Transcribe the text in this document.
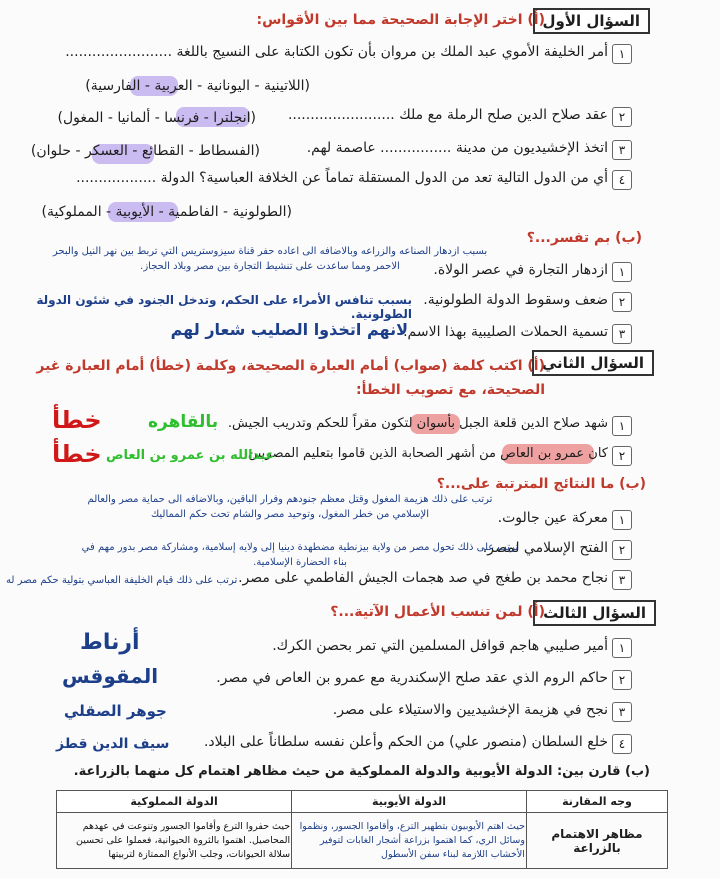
السؤال الأول
(أ) اختر الإجابة الصحيحة مما بين الأقواس:
١
أمر الخليفة الأموي عبد الملك بن مروان بأن تكون الكتابة على النسيج باللغة ........................
(اللاتينية - اليونانية - العربية - الفارسية)
٢
عقد صلاح الدين صلح الرملة مع ملك ........................
(انجلترا - فرنسا - ألمانيا - المغول)
٣
اتخذ الإخشيديون من مدينة ................ عاصمة لهم.
(الفسطاط - القطائع - العسكر - حلوان)
٤
أي من الدول التالية تعد من الدول المستقلة تماماً عن الخلافة العباسية؟ الدولة ..................
(الطولونية - الفاطمية - الأيوبية - المملوكية)
(ب) بم تفسر...؟
بسبب ازدهار الصناعه والزراعه وبالاضافه الى اعاده حفر قناة سيزوستريس التي تربط بين نهر النيل والبحر الاحمر ومما ساعدت على تنشيط التجارة بين مصر وبلاد الحجاز.	١
ازدهار التجارة في عصر الولاة.
٢
ضعف وسقوط الدولة الطولونية.
بسبب تنافس الأمراء على الحكم، وتدخل الجنود في شئون الدولة الطولونية.
٣
تسمية الحملات الصليبية بهذا الاسم.
لانهم اتخذوا الصليب شعار لهم
السؤال الثاني
(أ) اكتب كلمة (صواب) أمام العبارة الصحيحة، وكلمة (خطأ) أمام العبارة غير الصحيحة، مع تصويب الخطأ:
١
شهد صلاح الدين قلعة الجبل بأسوان لتكون مقراً للحكم وتدريب الجيش.
بالقاهره
خطأ
٢
كان عمرو بن العاص من أشهر الصحابة الذين قاموا بتعليم المصريين
عبدالله بن عمرو بن العاص
خطأ
(ب) ما النتائج المترتبة على...؟
ترتب على ذلك هزيمة المغول وقتل معظم جنودهم وفرار الباقين، وبالاضافه الى حماية مصر والعالم الإسلامي من خطر المغول، وتوحيد مصر والشام تحت حكم المماليك	١
معركة عين جالوت.
٢
الفتح الإسلامي لمصر.
ترتب على ذلك تحول مصر من ولاية بيزنطية مضطهدة دينيا إلى ولايه إسلامية، ومشاركة مصر بدور مهم في بناء الحضارة الإسلامية.
٣
نجاح محمد بن طغج في صد هجمات الجيش الفاطمي على مصر.
ترتب على ذلك قيام الخليفة العباسي بتولية حكم مصر له
السؤال الثالث
(أ) لمن تنسب الأعمال الآتية...؟
١
أمير صليبي هاجم قوافل المسلمين التي تمر بحصن الكرك.
أرناط
٢
حاكم الروم الذي عقد صلح الإسكندرية مع عمرو بن العاص في مصر.
المقوقس
٣
نجح في هزيمة الإخشيديين والاستيلاء على مصر.
جوهر الصقلي
٤
خلع السلطان (منصور علي) من الحكم وأعلن نفسه سلطاناً على البلاد.
سيف الدين قطز
(ب) قارن بين: الدولة الأيوبية والدولة المملوكية من حيث مظاهر اهتمام كل منهما بالزراعة.
وجه المقارنة	الدولة الأيوبية	الدولة المملوكية
مظاهر الاهتمام بالزراعة	حيث اهتم الأيوبيون بتطهير الترع، وأقاموا الجسور، ونظموا وسائل الري، كما اهتموا بزراعة أشجار الغابات لتوفير الأخشاب اللازمة لبناء سفن الأسطول	حيث حفروا الترع وأقاموا الجسور وتنوعت في عهدهم المحاصيل. اهتموا بالثروة الحيوانية، فعملوا على تحسين سلالة الحيوانات، وجلب الأنواع الممتازة لتربيتها
